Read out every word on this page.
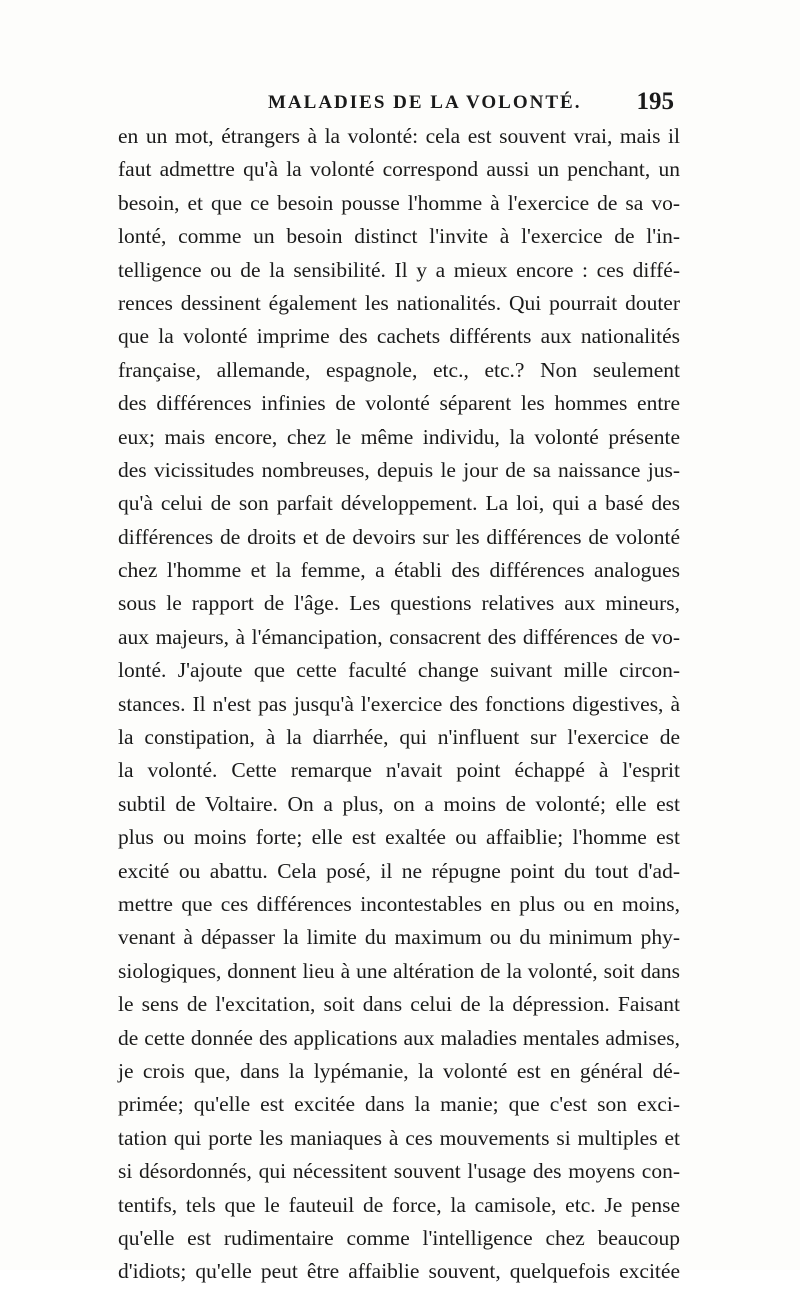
MALADIES DE LA VOLONTÉ. 195
en un mot, étrangers à la volonté: cela est souvent vrai, mais il
faut admettre qu'à la volonté correspond aussi un penchant, un
besoin, et que ce besoin pousse l'homme à l'exercice de sa vo-
lonté, comme un besoin distinct l'invite à l'exercice de l'in-
telligence ou de la sensibilité. Il y a mieux encore : ces diffé-
rences dessinent également les nationalités. Qui pourrait douter
que la volonté imprime des cachets différents aux nationalités
française, allemande, espagnole, etc., etc.? Non seulement
des différences infinies de volonté séparent les hommes entre
eux; mais encore, chez le même individu, la volonté présente
des vicissitudes nombreuses, depuis le jour de sa naissance jus-
qu'à celui de son parfait développement. La loi, qui a basé des
différences de droits et de devoirs sur les différences de volonté
chez l'homme et la femme, a établi des différences analogues
sous le rapport de l'âge. Les questions relatives aux mineurs,
aux majeurs, à l'émancipation, consacrent des différences de vo-
lonté. J'ajoute que cette faculté change suivant mille circon-
stances. Il n'est pas jusqu'à l'exercice des fonctions digestives, à
la constipation, à la diarrhée, qui n'influent sur l'exercice de
la volonté. Cette remarque n'avait point échappé à l'esprit
subtil de Voltaire. On a plus, on a moins de volonté; elle est
plus ou moins forte; elle est exaltée ou affaiblie; l'homme est
excité ou abattu. Cela posé, il ne répugne point du tout d'ad-
mettre que ces différences incontestables en plus ou en moins,
venant à dépasser la limite du maximum ou du minimum phy-
siologiques, donnent lieu à une altération de la volonté, soit dans
le sens de l'excitation, soit dans celui de la dépression. Faisant
de cette donnée des applications aux maladies mentales admises,
je crois que, dans la lypémanie, la volonté est en général dé-
primée; qu'elle est excitée dans la manie; que c'est son exci-
tation qui porte les maniaques à ces mouvements si multiples et
si désordonnés, qui nécessitent souvent l'usage des moyens con-
tentifs, tels que le fauteuil de force, la camisole, etc. Je pense
qu'elle est rudimentaire comme l'intelligence chez beaucoup
d'idiots; qu'elle peut être affaiblie souvent, quelquefois excitée
